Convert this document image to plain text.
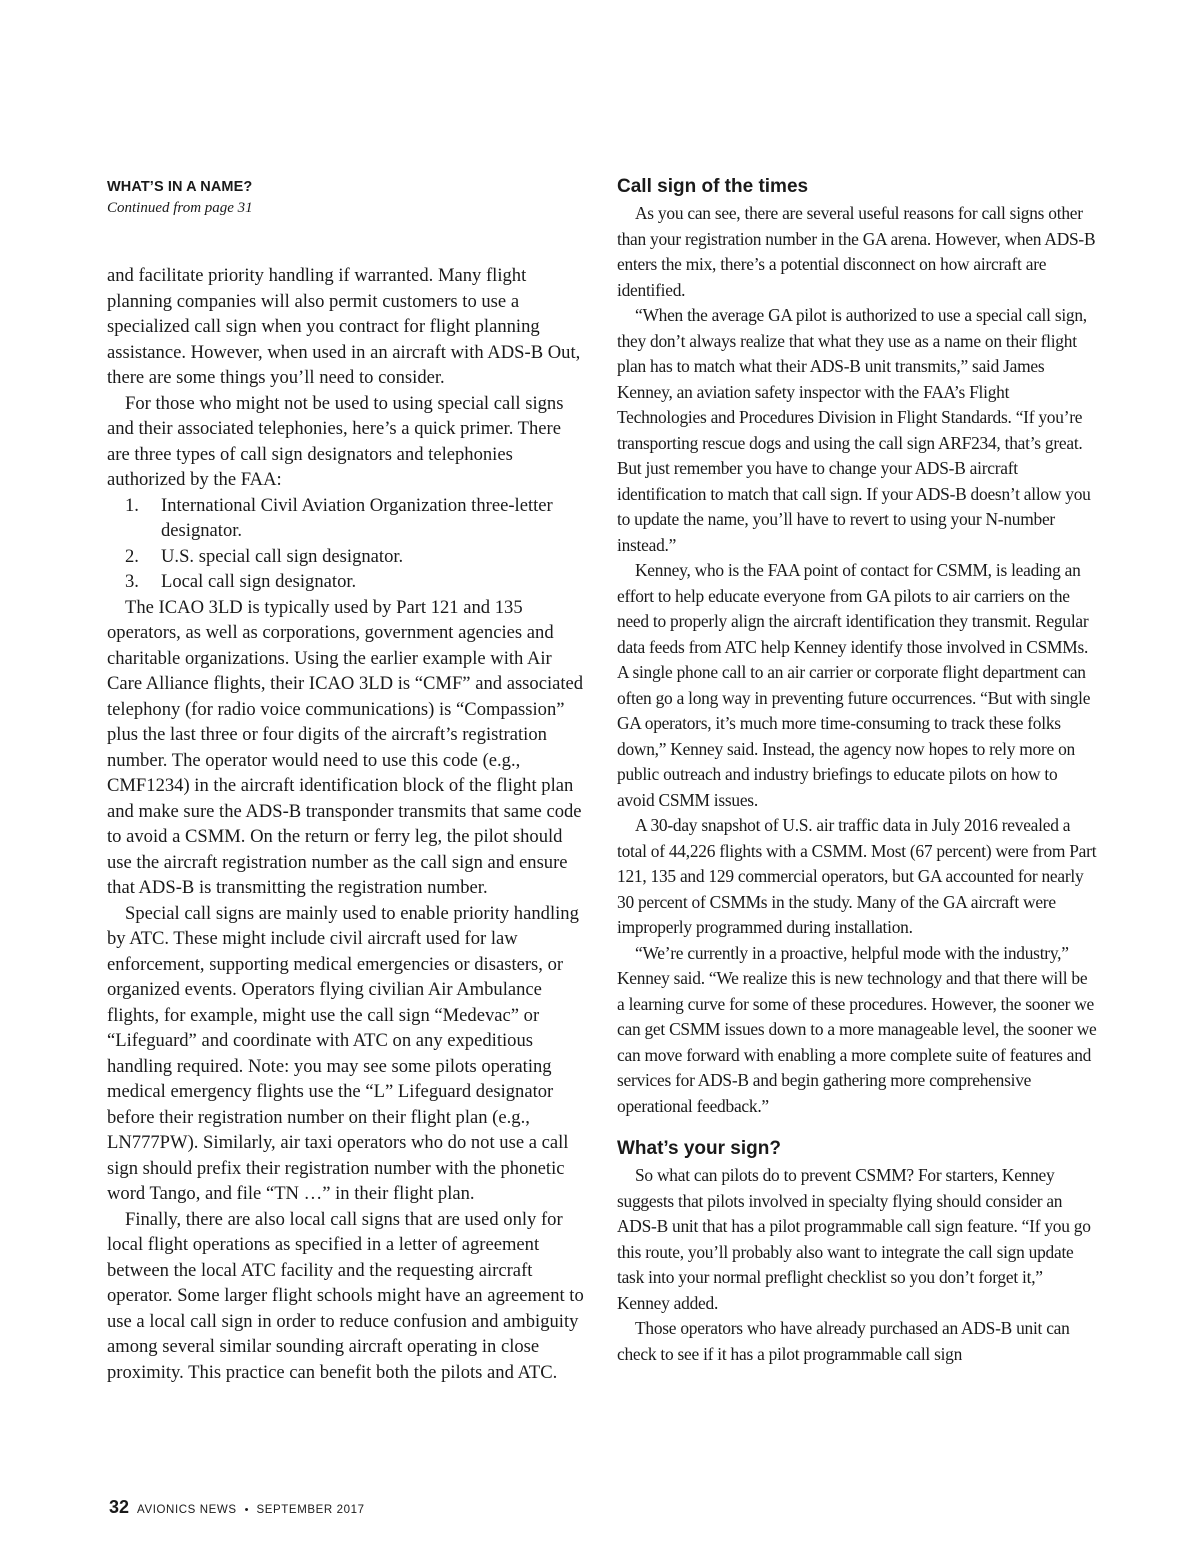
WHAT’S IN A NAME?

Continued from page 31

and facilitate priority handling if warranted. Many flight planning companies will also permit customers to use a specialized call sign when you contract for flight planning assistance. However, when used in an aircraft with ADS-B Out, there are some things you’ll need to consider.

For those who might not be used to using special call signs and their associated telephonies, here’s a quick primer. There are three types of call sign designators and telephonies authorized by the FAA:

1.	International Civil Aviation Organization three-letter designator.
2.	U.S. special call sign designator.
3.	Local call sign designator.

The ICAO 3LD is typically used by Part 121 and 135 operators, as well as corporations, government agencies and charitable organizations. Using the earlier example with Air Care Alliance flights, their ICAO 3LD is “CMF” and associated telephony (for radio voice communications) is “Compassion” plus the last three or four digits of the aircraft’s registration number. The operator would need to use this code (e.g., CMF1234) in the aircraft identification block of the flight plan and make sure the ADS-B transponder transmits that same code to avoid a CSMM. On the return or ferry leg, the pilot should use the aircraft registration number as the call sign and ensure that ADS-B is transmitting the registration number.

Special call signs are mainly used to enable priority handling by ATC. These might include civil aircraft used for law enforcement, supporting medical emergencies or disasters, or organized events. Operators flying civilian Air Ambulance flights, for example, might use the call sign “Medevac” or “Lifeguard” and coordinate with ATC on any expeditious handling required. Note: you may see some pilots operating medical emergency flights use the “L” Lifeguard designator before their registration number on their flight plan (e.g., LN777PW). Similarly, air taxi operators who do not use a call sign should prefix their registration number with the phonetic word Tango, and file “TN …” in their flight plan.

Finally, there are also local call signs that are used only for local flight operations as specified in a letter of agreement between the local ATC facility and the requesting aircraft operator. Some larger flight schools might have an agreement to use a local call sign in order to reduce confusion and ambiguity among several similar sounding aircraft operating in close proximity. This practice can benefit both the pilots and ATC.

Call sign of the times

As you can see, there are several useful reasons for call signs other than your registration number in the GA arena. However, when ADS-B enters the mix, there’s a potential disconnect on how aircraft are identified.

“When the average GA pilot is authorized to use a special call sign, they don’t always realize that what they use as a name on their flight plan has to match what their ADS-B unit transmits,” said James Kenney, an aviation safety inspector with the FAA’s Flight Technologies and Procedures Division in Flight Standards. “If you’re transporting rescue dogs and using the call sign ARF234, that’s great. But just remember you have to change your ADS-B aircraft identification to match that call sign. If your ADS-B doesn’t allow you to update the name, you’ll have to revert to using your N-number instead.”

Kenney, who is the FAA point of contact for CSMM, is leading an effort to help educate everyone from GA pilots to air carriers on the need to properly align the aircraft identification they transmit. Regular data feeds from ATC help Kenney identify those involved in CSMMs. A single phone call to an air carrier or corporate flight department can often go a long way in preventing future occurrences. “But with single GA operators, it’s much more time-consuming to track these folks down,” Kenney said. Instead, the agency now hopes to rely more on public outreach and industry briefings to educate pilots on how to avoid CSMM issues.

A 30-day snapshot of U.S. air traffic data in July 2016 revealed a total of 44,226 flights with a CSMM. Most (67 percent) were from Part 121, 135 and 129 commercial operators, but GA accounted for nearly 30 percent of CSMMs in the study. Many of the GA aircraft were improperly programmed during installation.

“We’re currently in a proactive, helpful mode with the industry,” Kenney said. “We realize this is new technology and that there will be a learning curve for some of these procedures. However, the sooner we can get CSMM issues down to a more manageable level, the sooner we can move forward with enabling a more complete suite of features and services for ADS-B and begin gathering more comprehensive operational feedback.”

What’s your sign?

So what can pilots do to prevent CSMM? For starters, Kenney suggests that pilots involved in specialty flying should consider an ADS-B unit that has a pilot programmable call sign feature. “If you go this route, you’ll probably also want to integrate the call sign update task into your normal preflight checklist so you don’t forget it,” Kenney added.

Those operators who have already purchased an ADS-B unit can check to see if it has a pilot programmable call sign

32 AVIONICS NEWS • SEPTEMBER 2017
